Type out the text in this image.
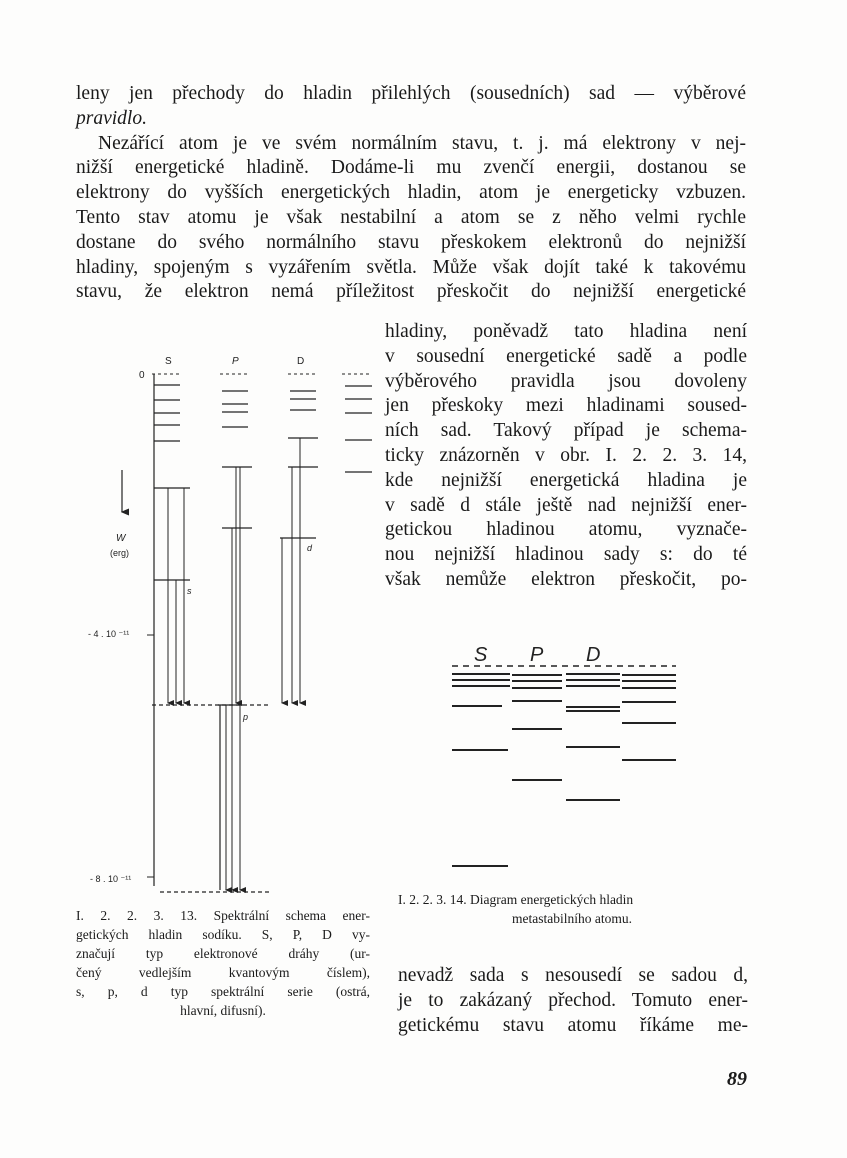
leny jen přechody do hladin přilehlých (sousedních) sad — výběrové
pravidlo.
Nezářící atom je ve svém normálním stavu, t. j. má elektrony v nej-
nižší energetické hladině. Dodáme-li mu zvenčí energii, dostanou se
elektrony do vyšších energetických hladin, atom je energeticky vzbuzen.
Tento stav atomu je však nestabilní a atom se z něho velmi rychle
dostane do svého normálního stavu přeskokem elektronů do nejnižší
hladiny, spojeným s vyzářením světla. Může však dojít také k takovému
stavu, že elektron nemá příležitost přeskočit do nejnižší energetické
hladiny, poněvadž tato hladina není
v sousední energetické sadě a podle
výběrového pravidla jsou dovoleny
jen přeskoky mezi hladinami soused-
ních sad. Takový případ je schema-
ticky znázorněn v obr. I. 2. 2. 3. 14,
kde nejnižší energetická hladina je
v sadě d stále ještě nad nejnižší ener-
getickou hladinou atomu, vyznače-
nou nejnižší hladinou sady s: do té
však nemůže elektron přeskočit, po-
nevadž sada s nesousedí se sadou d,
je to zakázaný přechod. Tomuto ener-
getickému stavu atomu říkáme me-
I. 2. 2. 3. 13. Spektrální schema ener-
getických hladin sodíku. S, P, D vy-
značují typ elektronové dráhy (ur-
čený vedlejším kvantovým číslem),
s, p, d typ spektrální serie (ostrá,
hlavní, difusní).
I. 2. 2. 3. 14. Diagram energetických hladin
metastabilního atomu.
89
S	P	D
0
W
(erg)
- 4 . 10 ⁻¹¹
- 8 . 10 ⁻¹¹
s
d
p
S P D
